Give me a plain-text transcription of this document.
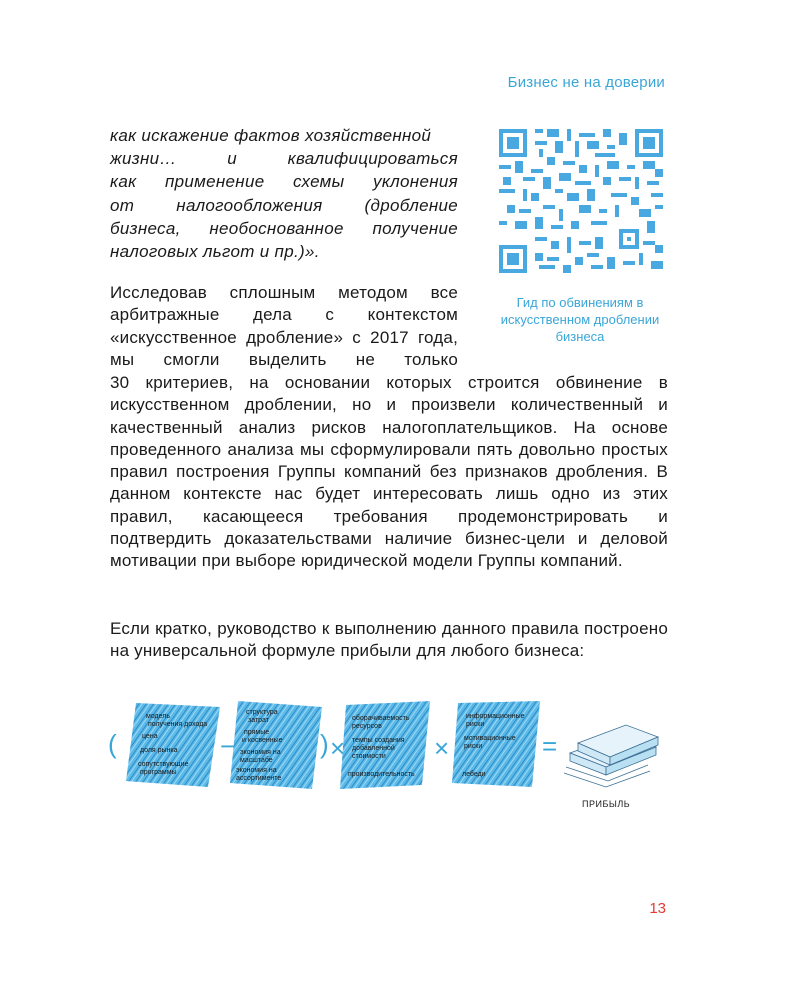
Бизнес не на доверии

как искажение фактов хозяйственной

жизни… и квалифицироваться

как применение схемы уклонения

от налогообложения (дробление

бизнеса, необоснованное получение

налоговых льгот и пр.)».

Гид по обвинениям в искусственном дроблении бизнеса

Исследовав сплошным методом все арбитражные дела с контекстом «искусственное дробление» с 2017 года, мы смогли выделить не только

30 критериев, на основании которых строится обвинение в искусственном дроблении, но и произвели количественный и качественный анализ рисков налогоплательщиков. На основе проведенного анализа мы сформулировали пять довольно простых правил построения Группы компаний без признаков дробления. В данном контексте нас будет интересовать лишь одно из этих правил, касающееся требования продемонстрировать и подтвердить доказательствами наличие бизнес-цели и деловой мотивации при выборе юридической модели Группы компаний.

Если кратко, руководство к выполнению данного правила построено на универсальной формуле прибыли для любого бизнеса:

(	−	) ×	×	=
модель
получения дохода
цена
доля рынка
сопутствующие
программы
структура
затрат
прямые
и косвенные
экономия на
масштабе
экономия на
ассортименте
оборачиваемость
ресурсов
темпы создания
добавленной
стоимости
производительность
информационные
риски
мотивационные
риски
лебеди
ПРИБЫЛЬ
13
